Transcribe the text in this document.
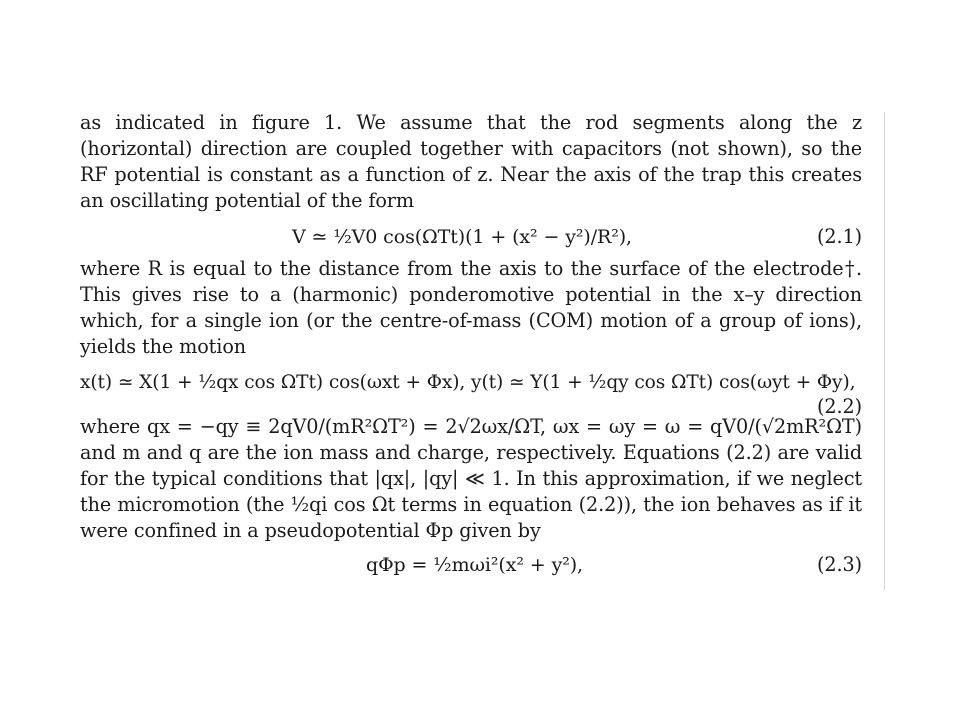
as indicated in figure 1. We assume that the rod segments along the z (horizontal) direction are coupled together with capacitors (not shown), so the RF potential is constant as a function of z. Near the axis of the trap this creates an oscillating potential of the form

V ≃ ½V0 cos(ΩTt)(1 + (x² − y²)/R²),	(2.1)

where R is equal to the distance from the axis to the surface of the electrode†. This gives rise to a (harmonic) ponderomotive potential in the x–y direction which, for a single ion (or the centre-of-mass (COM) motion of a group of ions), yields the motion

x(t) ≃ X(1 + ½qx cos ΩTt) cos(ωxt + Φx), y(t) ≃ Y(1 + ½qy cos ΩTt) cos(ωyt + Φy),
(2.2)

where qx = −qy ≡ 2qV0/(mR²ΩT²) = 2√2ωx/ΩT, ωx = ωy = ω = qV0/(√2mR²ΩT) and m and q are the ion mass and charge, respectively. Equations (2.2) are valid for the typical conditions that |qx|, |qy| ≪ 1. In this approximation, if we neglect the micromotion (the ½qi cos Ωt terms in equation (2.2)), the ion behaves as if it were confined in a pseudopotential Φp given by

qΦp = ½mωi²(x² + y²),	(2.3)
